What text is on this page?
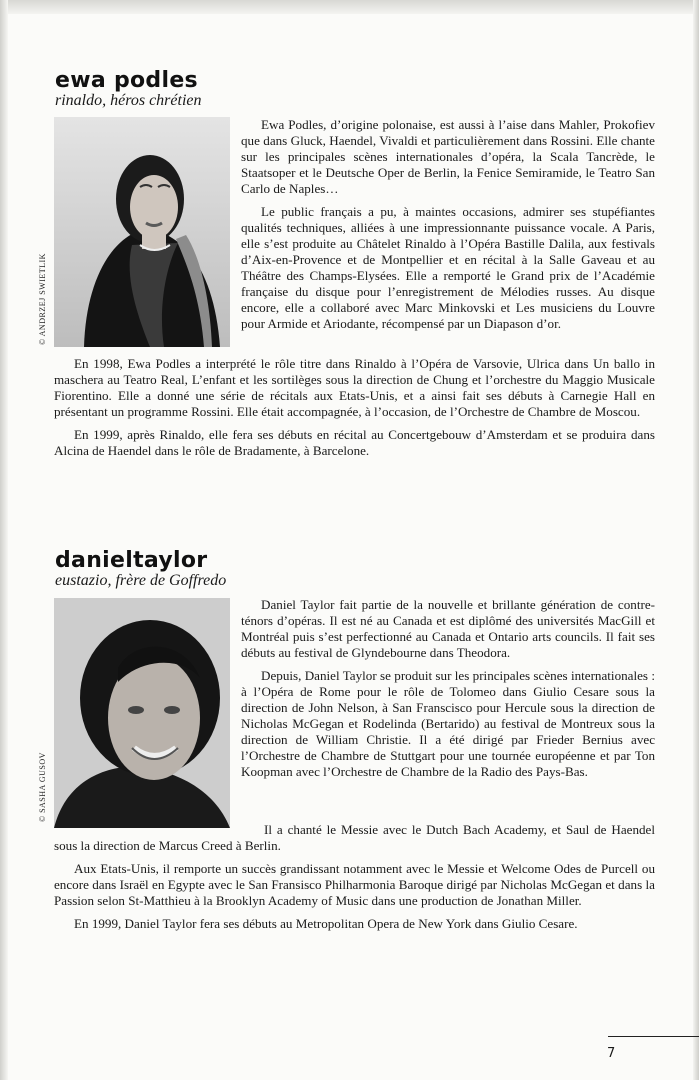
ewa podles
rinaldo, héros chrétien
© ANDRZEJ SWIETLIK

Ewa Podles, d’origine polonaise, est aussi à l’aise dans Mahler, Prokofiev que dans Gluck, Haendel, Vivaldi et particulièrement dans Rossini. Elle chante sur les principales scènes internationales d’opéra, la Scala Tancrède, le Staatsoper et le Deutsche Oper de Berlin, la Fenice Semiramide, le Teatro San Carlo de Naples…

Le public français a pu, à maintes occasions, admirer ses stupéfiantes qualités techniques, alliées à une impressionnante puissance vocale. A Paris, elle s’est produite au Châtelet Rinaldo à l’Opéra Bastille Dalila, aux festivals d’Aix-en-Provence et de Montpellier et en récital à la Salle Gaveau et au Théâtre des Champs-Elysées. Elle a remporté le Grand prix de l’Académie française du disque pour l’enregistrement de Mélodies russes. Au disque encore, elle a collaboré avec Marc Minkovski et Les musiciens du Louvre pour Armide et Ariodante, récompensé par un Diapason d’or.

En 1998, Ewa Podles a interprété le rôle titre dans Rinaldo à l’Opéra de Varsovie, Ulrica dans Un ballo in maschera au Teatro Real, L’enfant et les sortilèges sous la direction de Chung et l’orchestre du Maggio Musicale Fiorentino. Elle a donné une série de récitals aux Etats-Unis, et a ainsi fait ses débuts à Carnegie Hall en présentant un programme Rossini. Elle était accompagnée, à l’occasion, de l’Orchestre de Chambre de Moscou.

En 1999, après Rinaldo, elle fera ses débuts en récital au Concertgebouw d’Amsterdam et se produira dans Alcina de Haendel dans le rôle de Bradamente, à Barcelone.

danieltaylor
eustazio, frère de Goffredo
© SASHA GUSOV

Daniel Taylor fait partie de la nouvelle et brillante génération de contre-ténors d’opéras. Il est né au Canada et est diplômé des universités MacGill et Montréal puis s’est perfectionné au Canada et Ontario arts councils. Il fait ses débuts au festival de Glyndebourne dans Theodora.

Depuis, Daniel Taylor se produit sur les principales scènes internationales : à l’Opéra de Rome pour le rôle de Tolomeo dans Giulio Cesare sous la direction de John Nelson, à San Franscisco pour Hercule sous la direction de Nicholas McGegan et Rodelinda (Bertarido) au festival de Montreux sous la direction de William Christie. Il a été dirigé par Frieder Bernius avec l’Orchestre de Chambre de Stuttgart pour une tournée européenne et par Ton Koopman avec l’Orchestre de Chambre de la Radio des Pays-Bas.

Il a chanté le Messie avec le Dutch Bach Academy, et Saul de Haendel sous la direction de Marcus Creed à Berlin.

Aux Etats-Unis, il remporte un succès grandissant notamment avec le Messie et Welcome Odes de Purcell ou encore dans Israël en Egypte avec le San Fransisco Philharmonia Baroque dirigé par Nicholas McGegan et dans la Passion selon St-Matthieu à la Brooklyn Academy of Music dans une production de Jonathan Miller.

En 1999, Daniel Taylor fera ses débuts au Metropolitan Opera de New York dans Giulio Cesare.

7
